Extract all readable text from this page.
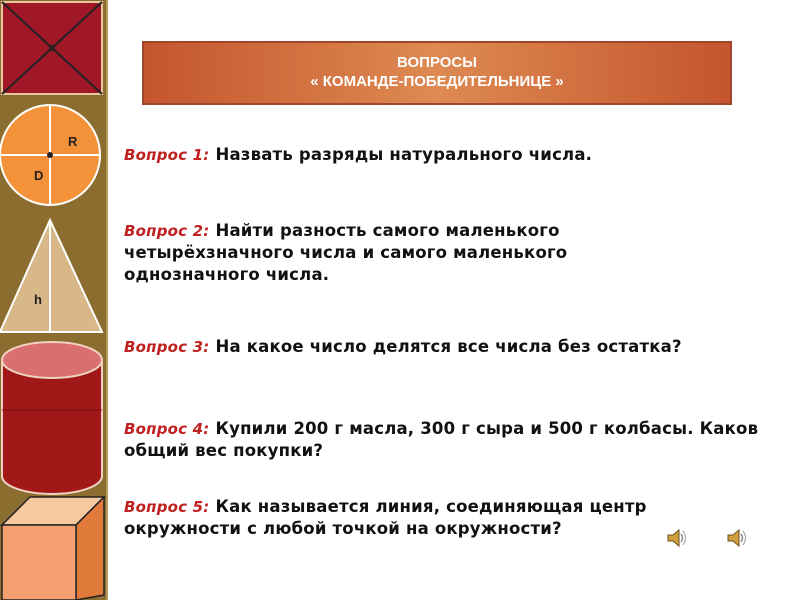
R
D
h
ВОПРОСЫ
« КОМАНДЕ-ПОБЕДИТЕЛЬНИЦЕ »
Вопрос 1: Назвать разряды натурального числа.
Вопрос 2: Найти разность самого маленького четырёхзначного числа и самого маленького однозначного числа.
Вопрос 3: На какое число делятся все числа без остатка?
Вопрос 4: Купили 200 г масла, 300 г сыра и 500 г колбасы. Каков общий вес покупки?
Вопрос 5: Как называется линия, соединяющая центр окружности с любой точкой на окружности?
